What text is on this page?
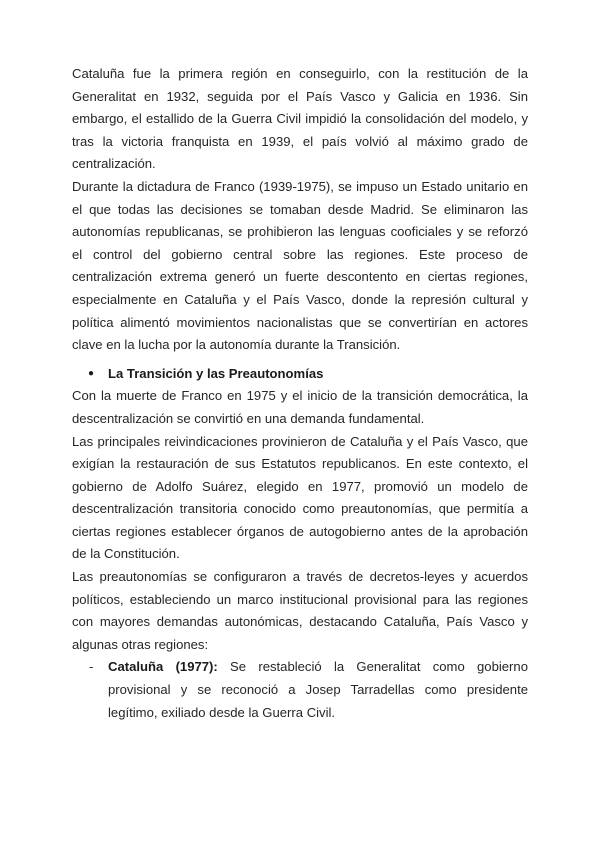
Cataluña fue la primera región en conseguirlo, con la restitución de la Generalitat en 1932, seguida por el País Vasco y Galicia en 1936. Sin embargo, el estallido de la Guerra Civil impidió la consolidación del modelo, y tras la victoria franquista en 1939, el país volvió al máximo grado de centralización.

Durante la dictadura de Franco (1939-1975), se impuso un Estado unitario en el que todas las decisiones se tomaban desde Madrid. Se eliminaron las autonomías republicanas, se prohibieron las lenguas cooficiales y se reforzó el control del gobierno central sobre las regiones. Este proceso de centralización extrema generó un fuerte descontento en ciertas regiones, especialmente en Cataluña y el País Vasco, donde la represión cultural y política alimentó movimientos nacionalistas que se convertirían en actores clave en la lucha por la autonomía durante la Transición.

● La Transición y las Preautonomías

Con la muerte de Franco en 1975 y el inicio de la transición democrática, la descentralización se convirtió en una demanda fundamental.

Las principales reivindicaciones provinieron de Cataluña y el País Vasco, que exigían la restauración de sus Estatutos republicanos. En este contexto, el gobierno de Adolfo Suárez, elegido en 1977, promovió un modelo de descentralización transitoria conocido como preautonomías, que permitía a ciertas regiones establecer órganos de autogobierno antes de la aprobación de la Constitución.

Las preautonomías se configuraron a través de decretos-leyes y acuerdos políticos, estableciendo un marco institucional provisional para las regiones con mayores demandas autonómicas, destacando Cataluña, País Vasco y algunas otras regiones:

- Cataluña (1977): Se restableció la Generalitat como gobierno provisional y se reconoció a Josep Tarradellas como presidente legítimo, exiliado desde la Guerra Civil.
